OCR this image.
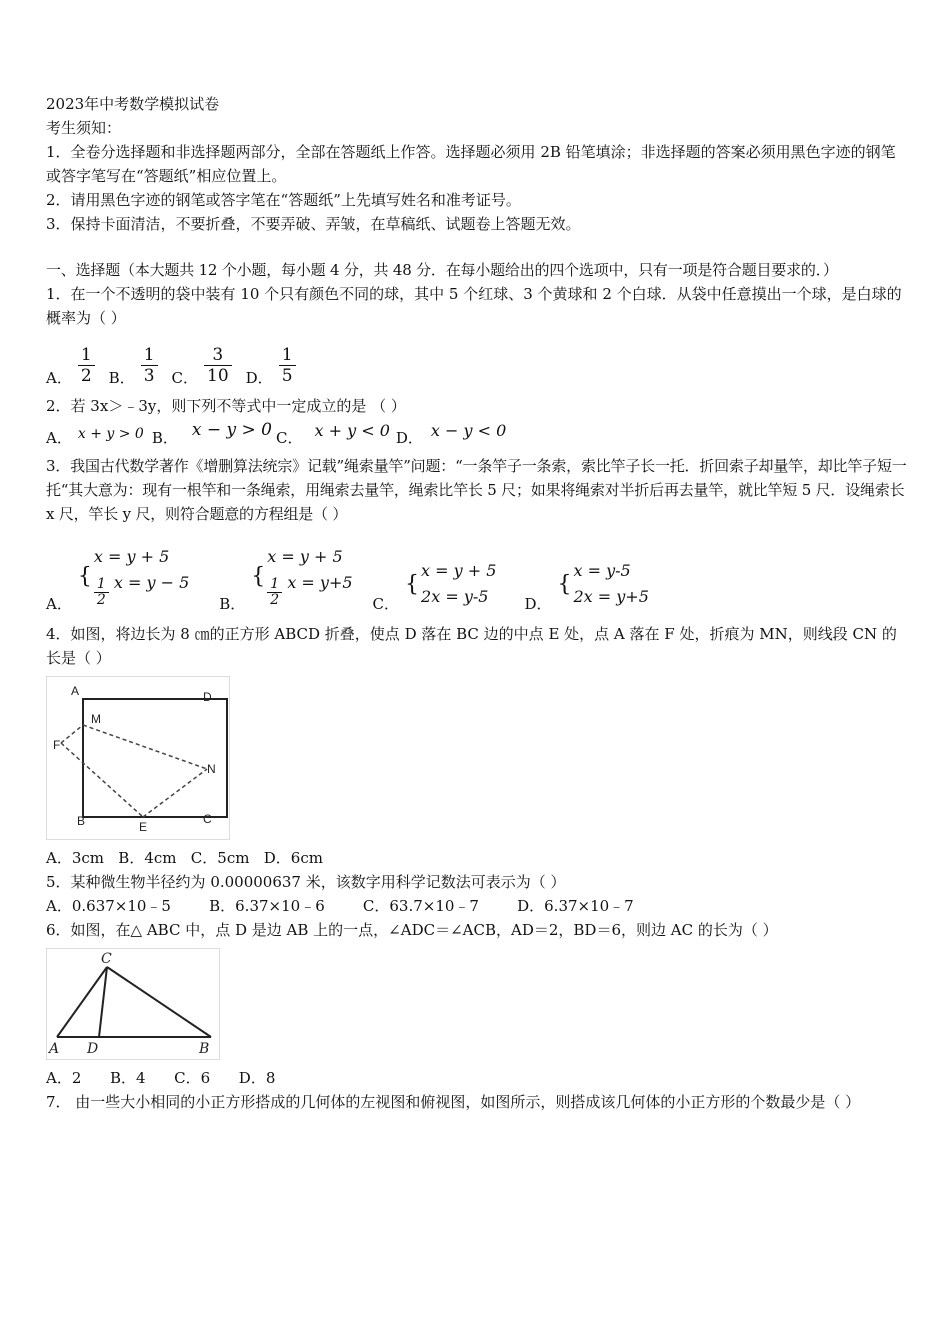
2023年中考数学模拟试卷
考生须知：
1．全卷分选择题和非选择题两部分，全部在答题纸上作答。选择题必须用 2B 铅笔填涂；非选择题的答案必须用黑色字迹的钢笔或答字笔写在“答题纸”相应位置上。
2．请用黑色字迹的钢笔或答字笔在“答题纸”上先填写姓名和准考证号。
3．保持卡面清洁，不要折叠，不要弄破、弄皱，在草稿纸、试题卷上答题无效。
一、选择题（本大题共 12 个小题，每小题 4 分，共 48 分．在每小题给出的四个选项中，只有一项是符合题目要求的．）
1．在一个不透明的袋中装有 10 个只有颜色不同的球，其中 5 个红球、3 个黄球和 2 个白球．从袋中任意摸出一个球，是白球的概率为（ ）
A． $\frac{1}{2}$ B． $\frac{1}{3}$ C． $\frac{3}{10}$ D． $\frac{1}{5}$
2．若 3x＞﹣3y，则下列不等式中一定成立的是 （ ）
A． x + y > 0 B． x − y > 0 C． x + y < 0 D． x − y < 0
3．我国古代数学著作《增删算法统宗》记载”绳索量竿”问题：“一条竿子一条索，索比竿子长一托．折回索子却量竿，却比竿子短一托“其大意为：现有一根竿和一条绳索，用绳索去量竿，绳索比竿长 5 尺；如果将绳索对半折后再去量竿，就比竿短 5 尺．设绳索长 x 尺，竿长 y 尺，则符合题意的方程组是（ ）
A．
{
x = y + 5
$\frac{1}{2}$ x = y − 5
B．
{
x = y + 5
$\frac{1}{2}$ x = y+5
C．
{
x = y + 5
2x = y-5	D．
{
x = y-5
2x = y+5
4．如图，将边长为 8 ㎝的正方形 ABCD 折叠，使点 D 落在 BC 边的中点 E 处，点 A 落在 F 处，折痕为 MN，则线段 CN 的长是（ ）
A	D
M
F
N
B	E
C
A．3cm   B．4cm   C．5cm   D．6cm
5．某种微生物半径约为 0.00000637 米，该数字用科学记数法可表示为（ ）
A．0.637×10﹣5        B．6.37×10﹣6        C．63.7×10﹣7        D．6.37×10﹣7
6．如图，在△ ABC 中，点 D 是边 AB 上的一点，∠ADC＝∠ACB，AD＝2，BD＝6，则边 AC 的长为（ ）
C
A D	B
A．2      B．4      C．6      D．8
7． 由一些大小相同的小正方形搭成的几何体的左视图和俯视图，如图所示，则搭成该几何体的小正方形的个数最少是（ ）
